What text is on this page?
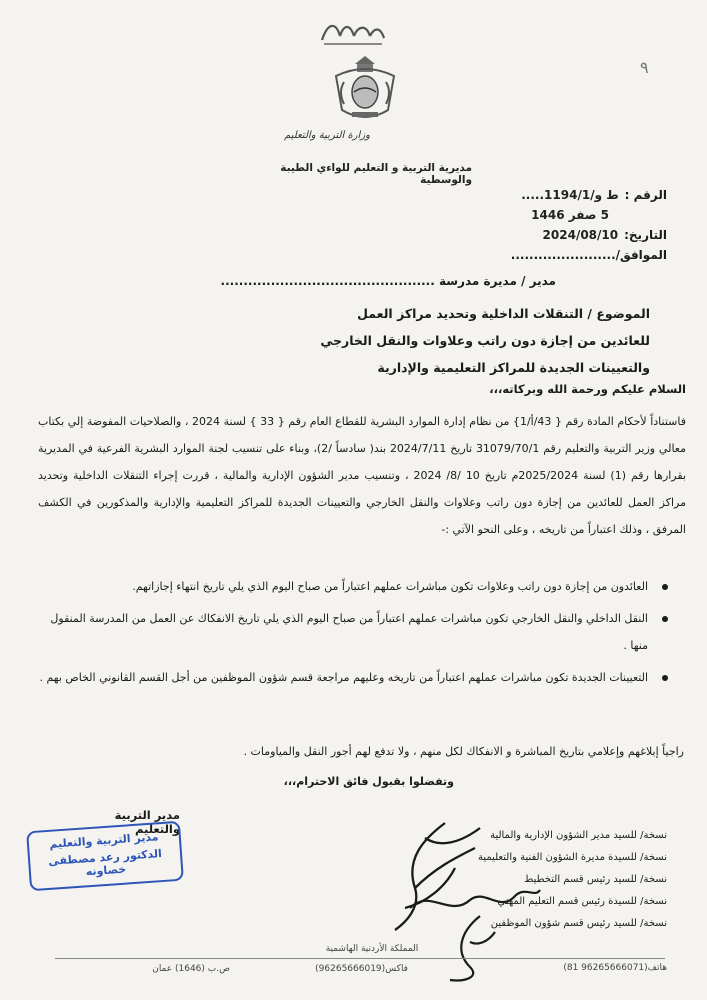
٩
وزارة التربية والتعليم
مديرية التربية و التعليم للواءي الطيبة والوسطية
الرقم :
ط و/1194/1.....
5 صفر 1446
التاريخ:
2024/08/10
الموافق/.......................
مدير / مديرة مدرسة ...............................................
الموضوع / التنقلات الداخلية وتحديد مراكز العمل
للعائدين من إجازة دون راتب وعلاوات والنقل الخارجي
والتعيينات الجديدة للمراكز التعليمية والإدارية
السلام عليكم ورحمة الله وبركاته،،،

فاستناداً لأحكام المادة رقم { 43/أ/1} من نظام إدارة الموارد البشرية للقطاع العام رقم { 33 } لسنة 2024 ، والصلاحيات المفوضة إلي بكتاب معالي وزير التربية والتعليم رقم 31079/70/1 تاريخ 2024/7/11 بند( سادساً /2)، وبناء على تنسيب لجنة الموارد البشرية الفرعية في المديرية بقرارها رقم (1) لسنة 2025/2024م تاريخ 10 /8/ 2024 ، وتنسيب مدير الشؤون الإدارية والمالية ، قررت إجراء التنقلات الداخلية وتحديد مراكز العمل للعائدين من إجازة دون راتب وعلاوات والنقل الخارجي والتعيينات الجديدة للمراكز التعليمية والإدارية والمذكورين في الكشف المرفق ، وذلك اعتباراً من تاريخه ، وعلى النحو الآتي :-

العائدون من إجازة دون راتب وعلاوات تكون مباشرات عملهم اعتباراً من صباح اليوم الذي يلي تاريخ انتهاء إجازاتهم.
النقل الداخلي والنقل الخارجي تكون مباشرات عملهم اعتباراً من صباح اليوم الذي يلي تاريخ الانفكاك عن العمل من المدرسة المنقول منها .
التعيينات الجديدة تكون مباشرات عملهم اعتباراً من تاريخه وعليهم مراجعة قسم شؤون الموظفين من أجل القسم القانوني الخاص بهم .
راجياً إبلاغهم وإعلامي بتاريخ المباشرة و الانفكاك لكل منهم ، ولا تدفع لهم أجور النقل والمياومات .
وتفضلوا بقبول فائق الاحترام،،،
مدير التربية والتعليم
مدير التربية والتعليم
الدكتور رعد مصطفى خصاونه
نسخة/ للسيد مدير الشؤون الإدارية والمالية
نسخة/ للسيدة مديرة الشؤون الفنية والتعليمية
نسخة/ للسيد رئيس قسم التخطيط
نسخة/ للسيدة رئيس قسم التعليم المهني
نسخة/ للسيد رئيس قسم شؤون الموظفين
المملكة الأردنية الهاشمية
فاكس(96265666019)	هاتف(96265666071 81)
ص.ب (1646) عمان
